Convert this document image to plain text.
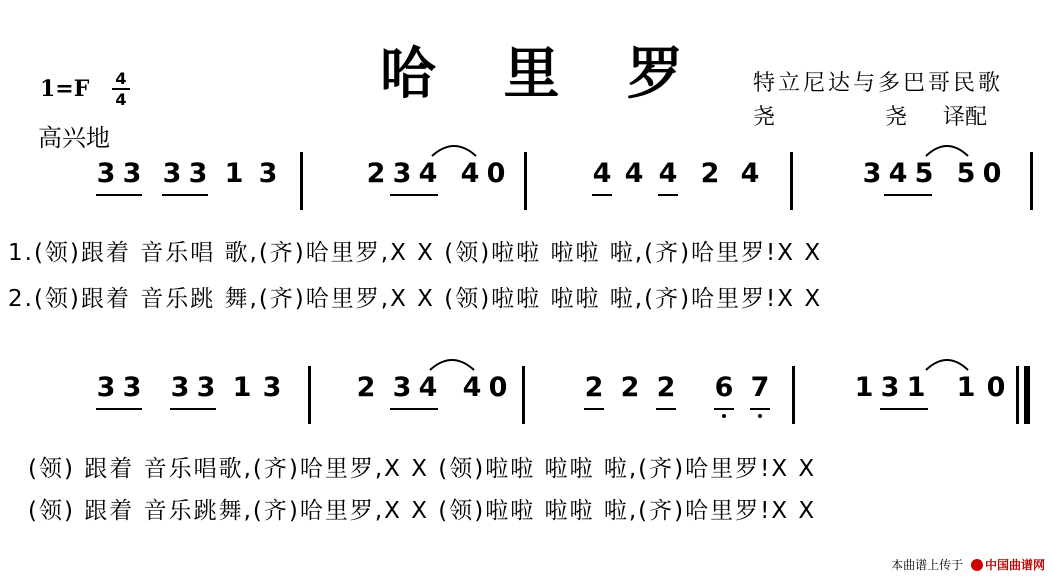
哈 里 罗
1=F 4
4
高兴地
特立尼达与多巴哥民歌
尧	尧 译配
3 3 3 3 1 3	2 3 4 4 0	4 4 4 2 4	3 4 5 5 0
1.(领)跟着 音乐唱 歌,(齐)哈里罗,X X (领)啦啦 啦啦 啦,(齐)哈里罗!X X
2.(领)跟着 音乐跳 舞,(齐)哈里罗,X X (领)啦啦 啦啦 啦,(齐)哈里罗!X X
3 3 3 3 1 3	2 3 4 4 0	2 2 2 6 7	1 3 1 1 0
(领) 跟着 音乐唱歌,(齐)哈里罗,X X (领)啦啦 啦啦 啦,(齐)哈里罗!X X
(领) 跟着 音乐跳舞,(齐)哈里罗,X X (领)啦啦 啦啦 啦,(齐)哈里罗!X X
本曲谱上传于 中国曲谱网
